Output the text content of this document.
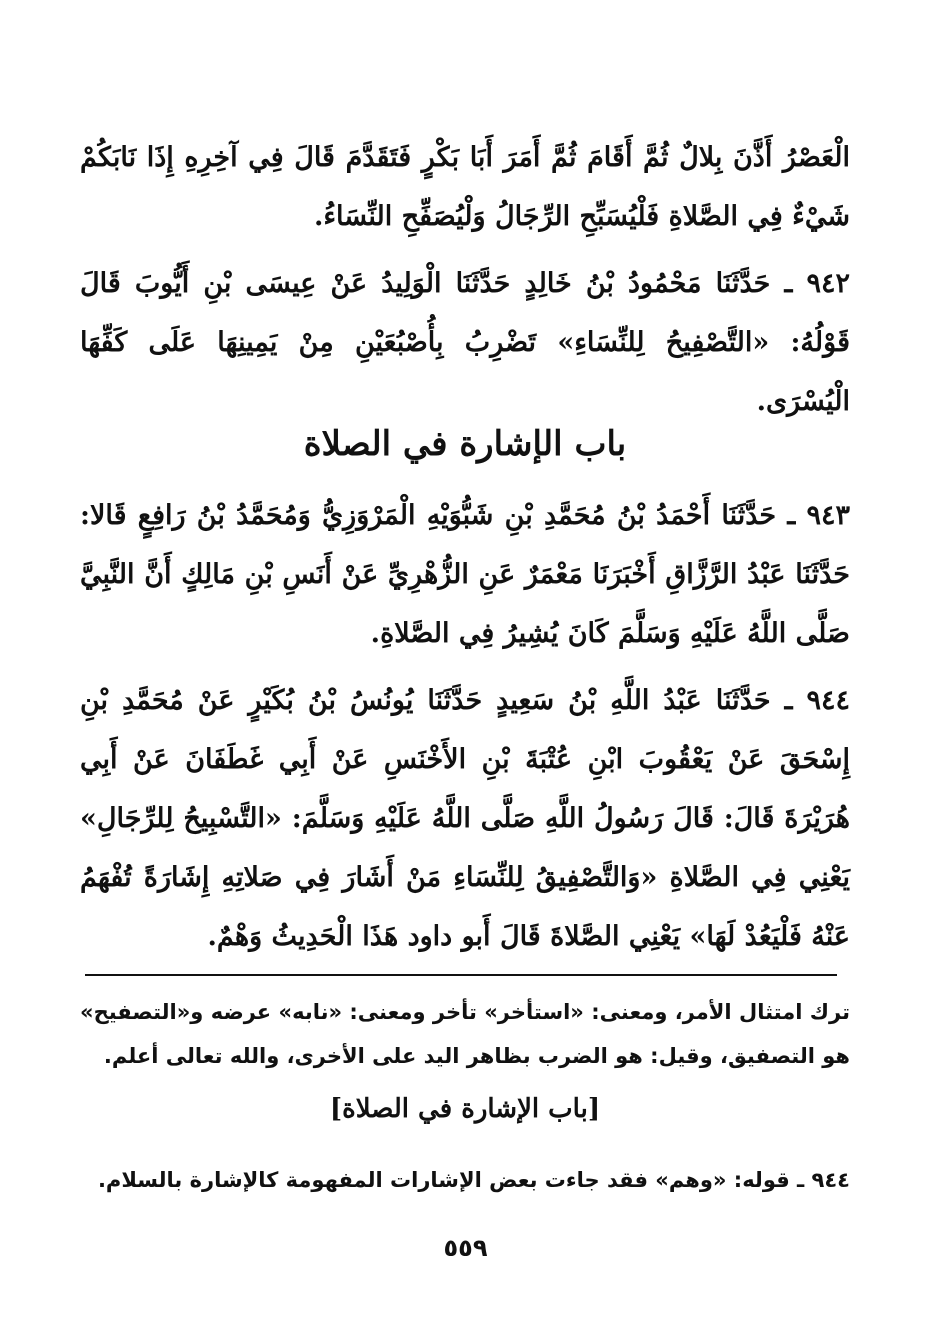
الْعَصْرُ أَذَّنَ بِلالٌ ثُمَّ أَقَامَ ثُمَّ أَمَرَ أَبَا بَكْرٍ فَتَقَدَّمَ قَالَ فِي آخِرِهِ إِذَا نَابَكُمْ شَيْءٌ فِي الصَّلاةِ فَلْيُسَبِّحِ الرِّجَالُ وَلْيُصَفِّحِ النِّسَاءُ.

٩٤٢ ـ حَدَّثَنَا مَحْمُودُ بْنُ خَالِدٍ حَدَّثَنَا الْوَلِيدُ عَنْ عِيسَى بْنِ أَيُّوبَ قَالَ قَوْلُهُ: «التَّصْفِيحُ لِلنِّسَاءِ» تَضْرِبُ بِأُصْبُعَيْنِ مِنْ يَمِينِهَا عَلَى كَفِّهَا الْيُسْرَى.

باب الإشارة في الصلاة

٩٤٣ ـ حَدَّثَنَا أَحْمَدُ بْنُ مُحَمَّدِ بْنِ شَبُّوَيْهِ الْمَرْوَزِيُّ وَمُحَمَّدُ بْنُ رَافِعٍ قَالا: حَدَّثَنَا عَبْدُ الرَّزَّاقِ أَخْبَرَنَا مَعْمَرٌ عَنِ الزُّهْرِيِّ عَنْ أَنَسِ بْنِ مَالِكٍ أَنَّ النَّبِيَّ صَلَّى اللَّهُ عَلَيْهِ وَسَلَّمَ كَانَ يُشِيرُ فِي الصَّلاةِ.

٩٤٤ ـ حَدَّثَنَا عَبْدُ اللَّهِ بْنُ سَعِيدٍ حَدَّثَنَا يُونُسُ بْنُ بُكَيْرٍ عَنْ مُحَمَّدِ بْنِ إِسْحَقَ عَنْ يَعْقُوبَ ابْنِ عُتْبَةَ بْنِ الأَخْنَسِ عَنْ أَبِي غَطَفَانَ عَنْ أَبِي هُرَيْرَةَ قَالَ: قَالَ رَسُولُ اللَّهِ صَلَّى اللَّهُ عَلَيْهِ وَسَلَّمَ: «التَّسْبِيحُ لِلرِّجَالِ» يَعْنِي فِي الصَّلاةِ «وَالتَّصْفِيقُ لِلنِّسَاءِ مَنْ أَشَارَ فِي صَلاتِهِ إِشَارَةً تُفْهَمُ عَنْهُ فَلْيَعُدْ لَهَا» يَعْنِي الصَّلاةَ قَالَ أَبو داود هَذَا الْحَدِيثُ وَهْمٌ.

ترك امتثال الأمر، ومعنى: «استأخر» تأخر ومعنى: «نابه» عرضه و«التصفيح» هو التصفيق، وقيل: هو الضرب بظاهر اليد على الأخرى، والله تعالى أعلم.

[باب الإشارة في الصلاة]

٩٤٤ ـ قوله: «وهم» فقد جاءت بعض الإشارات المفهومة كالإشارة بالسلام.

٥٥٩
